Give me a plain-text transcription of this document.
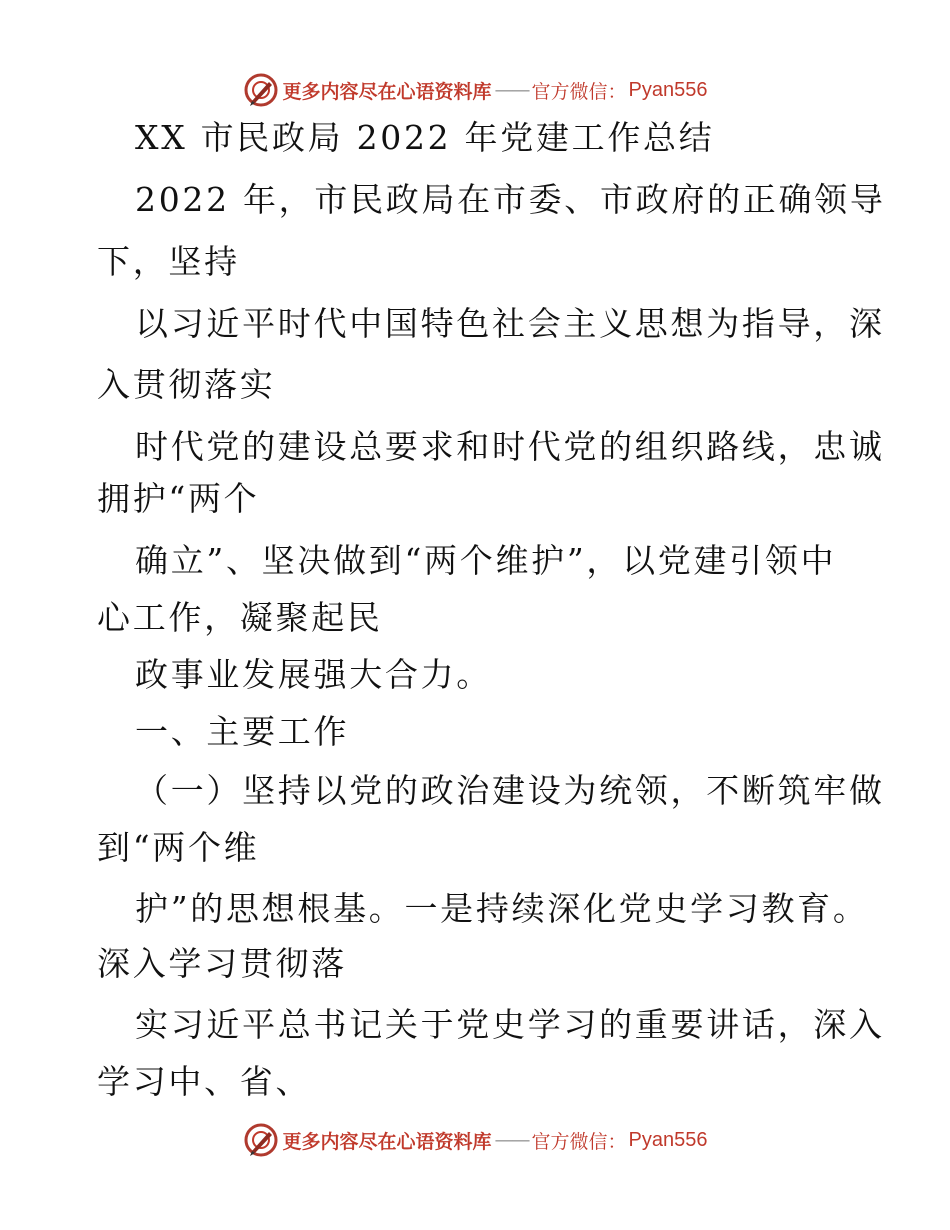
更多内容尽在心语资料库 —— 官方微信： Pyan556
XX 市民政局 2022 年党建工作总结
2022 年，市民政局在市委、市政府的正确领导
下，坚持
以习近平时代中国特色社会主义思想为指导，深
入贯彻落实
时代党的建设总要求和时代党的组织路线，忠诚
拥护“两个
确立”、坚决做到“两个维护”，以党建引领中
心工作，凝聚起民
政事业发展强大合力。
一、主要工作
（一）坚持以党的政治建设为统领，不断筑牢做
到“两个维
护”的思想根基。一是持续深化党史学习教育。
深入学习贯彻落
实习近平总书记关于党史学习的重要讲话，深入
学习中、省、
更多内容尽在心语资料库 —— 官方微信： Pyan556
